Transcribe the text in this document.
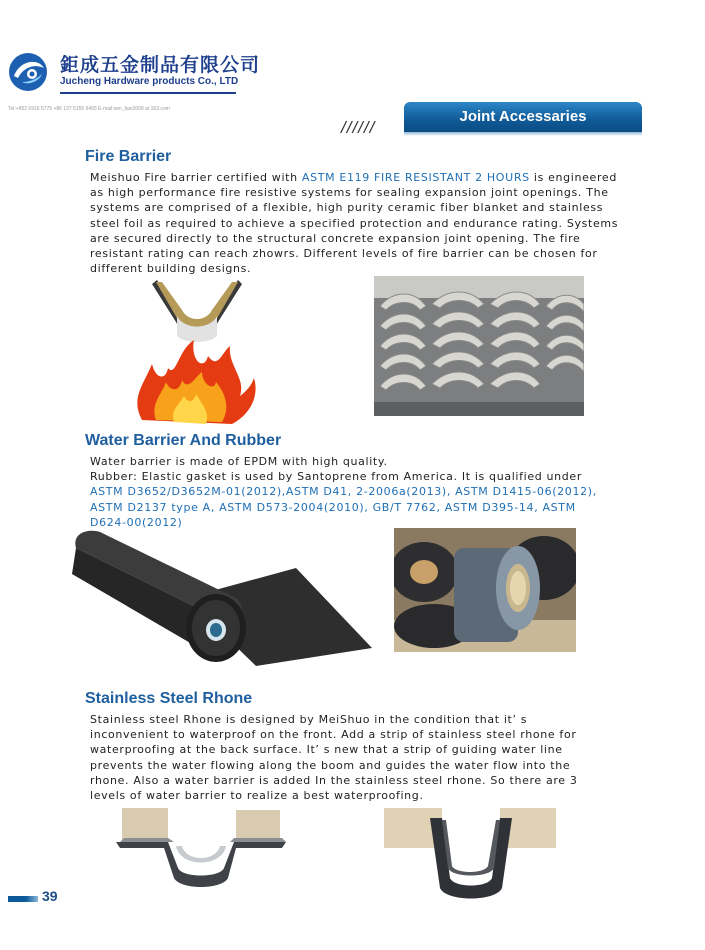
鉅成五金制品有限公司
Jucheng Hardware products Co., LTD
Tel:+852 6916 5775 +86 137 5155 6493 E-mail:sen_tian2009 at 163.com
//////
Joint Accessaries
Fire Barrier
Meishuo Fire barrier certified with ASTM E119 FIRE RESISTANT 2 HOURS is engineered
as high performance fire resistive systems for sealing expansion joint openings. The
systems are comprised of a flexible, high purity ceramic fiber blanket and stainless
steel foil as required to achieve a specified protection and endurance rating. Systems
are secured directly to the structural concrete expansion joint opening. The fire
resistant rating can reach zhowrs. Different levels of fire barrier can be chosen for
different building designs.
Water Barrier And Rubber
Water barrier is made of EPDM with high quality.
Rubber: Elastic gasket is used by Santoprene from America. It is qualified under
ASTM D3652/D3652M-01(2012),ASTM D41, 2-2006a(2013), ASTM D1415-06(2012),
ASTM D2137 type A, ASTM D573-2004(2010), GB/T 7762, ASTM D395-14, ASTM
D624-00(2012)
Stainless Steel Rhone
Stainless steel Rhone is designed by MeiShuo in the condition that it’ s
inconvenient to waterproof on the front. Add a strip of stainless steel rhone for
waterproofing at the back surface. It’ s new that a strip of guiding water line
prevents the water flowing along the boom and guides the water flow into the
rhone. Also a water barrier is added In the stainless steel rhone. So there are 3
levels of water barrier to realize a best waterproofing.
39
